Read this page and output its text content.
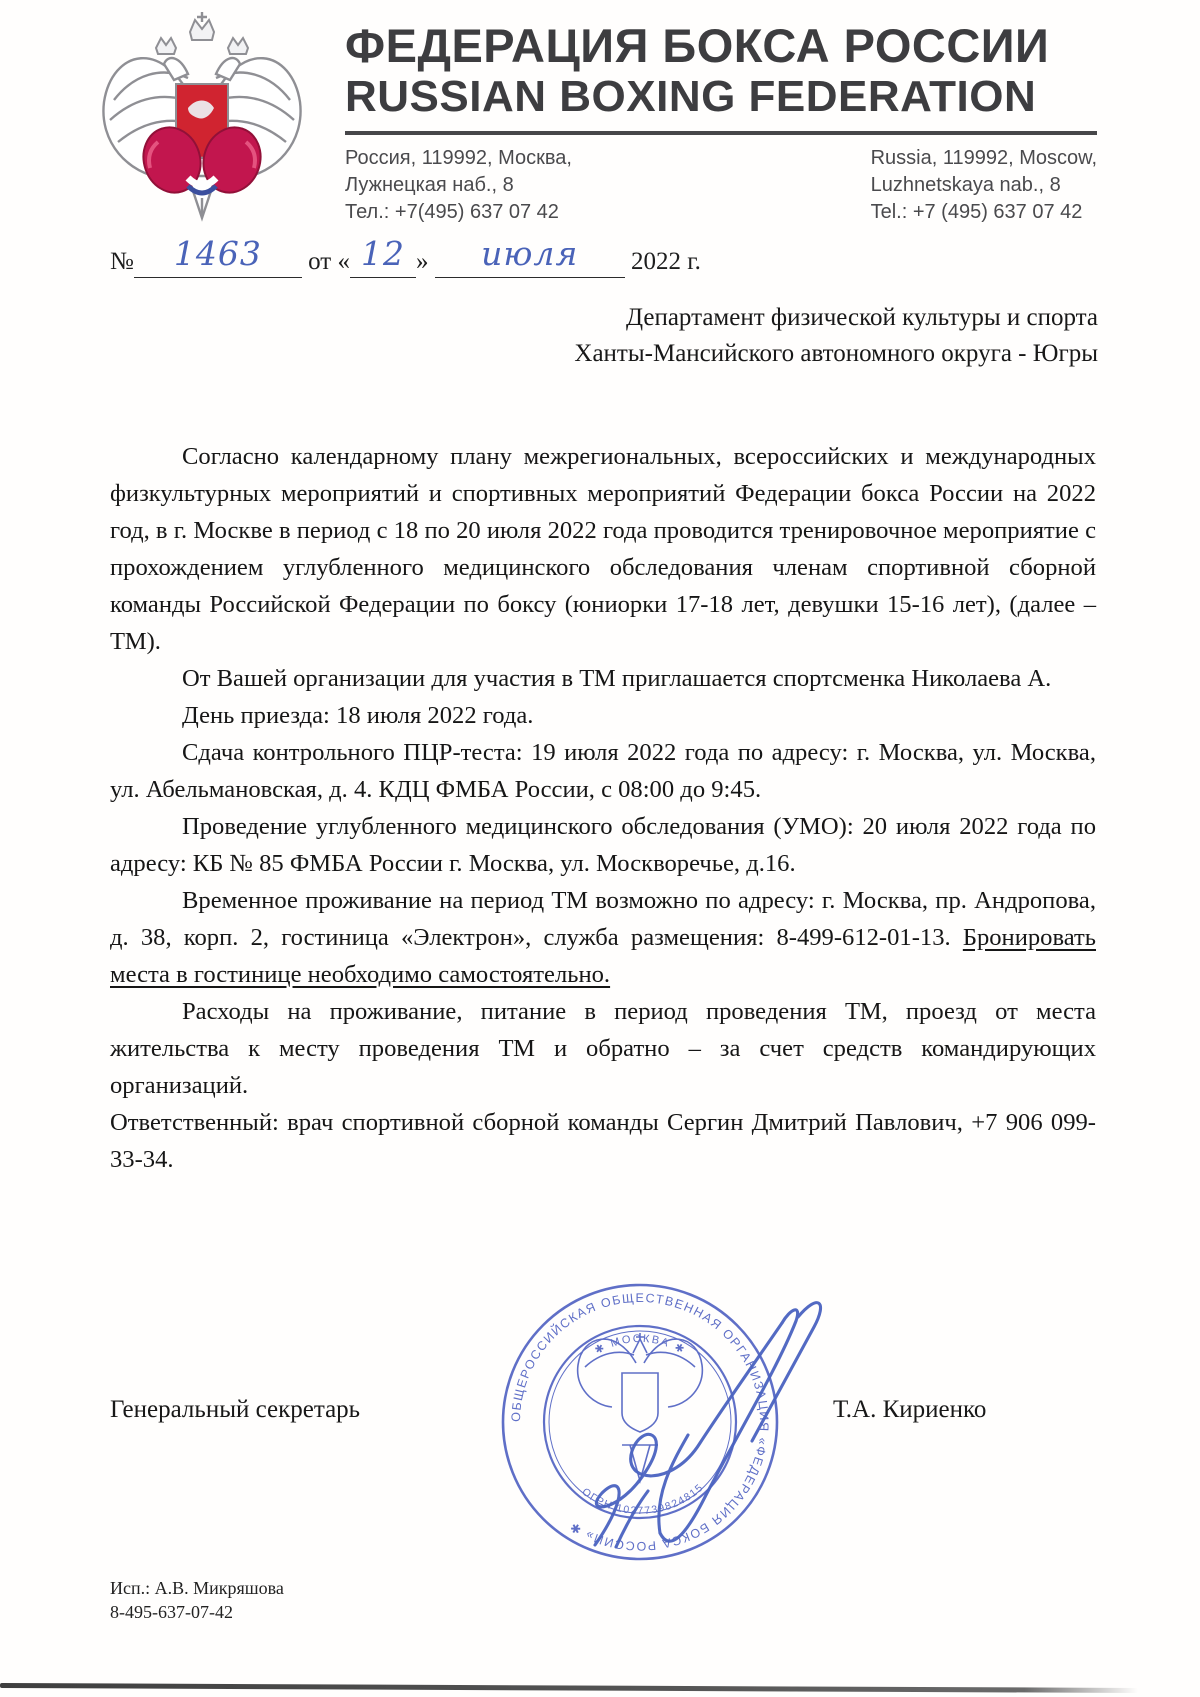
ФЕДЕРАЦИЯ БОКСА РОССИИ
RUSSIAN BOXING FEDERATION
Россия, 119992, Москва,
Лужнецкая наб., 8
Тел.: +7(495) 637 07 42
Russia, 119992, Moscow,
Luzhnetskaya nab., 8
Tel.: +7 (495) 637 07 42
№ 1463 от « 12 » июля 2022 г.
Департамент физической культуры и спорта
Ханты-Мансийского автономного округа - Югры

Согласно календарному плану межрегиональных, всероссийских и международных физкультурных мероприятий и спортивных мероприятий Федерации бокса России на 2022 год, в г. Москве в период с 18 по 20 июля 2022 года проводится тренировочное мероприятие с прохождением углубленного медицинского обследования членам спортивной сборной команды Российской Федерации по боксу (юниорки 17-18 лет, девушки 15-16 лет), (далее – ТМ).

От Вашей организации для участия в ТМ приглашается спортсменка Николаева А.

День приезда: 18 июля 2022 года.

Сдача контрольного ПЦР-теста: 19 июля 2022 года по адресу: г. Москва, ул. Москва, ул. Абельмановская, д. 4. КДЦ ФМБА России, с 08:00 до 9:45.

Проведение углубленного медицинского обследования (УМО): 20 июля 2022 года по адресу: КБ № 85 ФМБА России г. Москва, ул. Москворечье, д.16.

Временное проживание на период ТМ возможно по адресу: г. Москва, пр. Андропова, д. 38, корп. 2, гостиница «Электрон», служба размещения: 8-499-612-01-13. Бронировать места в гостинице необходимо самостоятельно.

Расходы на проживание, питание в период проведения ТМ, проезд от места жительства к месту проведения ТМ и обратно – за счет средств командирующих организаций.

Ответственный: врач спортивной сборной команды Сергин Дмитрий Павлович, +7 906 099-33-34.

ОБЩЕРОССИЙСКАЯ ОБЩЕСТВЕННАЯ ОРГАНИЗАЦИЯ «ФЕДЕРАЦИЯ БОКСА РОССИИ» ✱
✱ МОСКВА ✱
ОГРН 1027739824815
Генеральный секретарь	Т.А. Кириенко
Исп.: А.В. Микряшова
8-495-637-07-42
